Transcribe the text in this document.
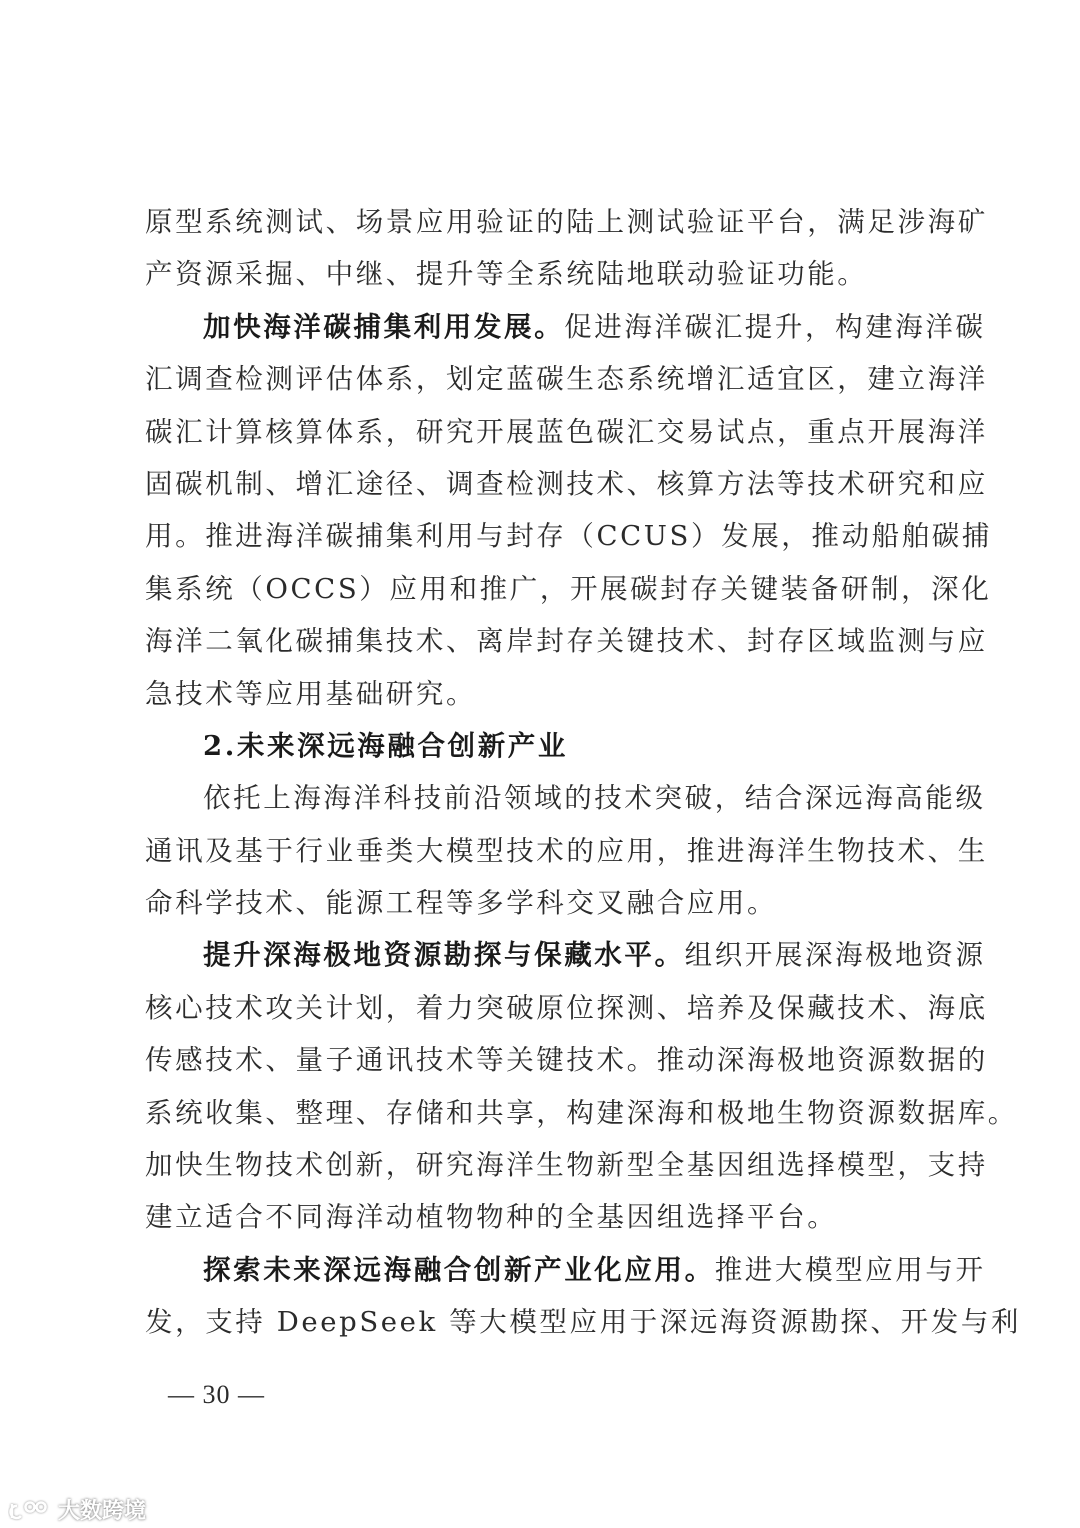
原型系统测试、场景应用验证的陆上测试验证平台，满足涉海矿
产资源采掘、中继、提升等全系统陆地联动验证功能。
加快海洋碳捕集利用发展。促进海洋碳汇提升，构建海洋碳
汇调查检测评估体系，划定蓝碳生态系统增汇适宜区，建立海洋
碳汇计算核算体系，研究开展蓝色碳汇交易试点，重点开展海洋
固碳机制、增汇途径、调查检测技术、核算方法等技术研究和应
用。推进海洋碳捕集利用与封存（CCUS）发展，推动船舶碳捕
集系统（OCCS）应用和推广，开展碳封存关键装备研制，深化
海洋二氧化碳捕集技术、离岸封存关键技术、封存区域监测与应
急技术等应用基础研究。
2.未来深远海融合创新产业
依托上海海洋科技前沿领域的技术突破，结合深远海高能级
通讯及基于行业垂类大模型技术的应用，推进海洋生物技术、生
命科学技术、能源工程等多学科交叉融合应用。
提升深海极地资源勘探与保藏水平。组织开展深海极地资源
核心技术攻关计划，着力突破原位探测、培养及保藏技术、海底
传感技术、量子通讯技术等关键技术。推动深海极地资源数据的
系统收集、整理、存储和共享，构建深海和极地生物资源数据库。
加快生物技术创新，研究海洋生物新型全基因组选择模型，支持
建立适合不同海洋动植物物种的全基因组选择平台。
探索未来深远海融合创新产业化应用。推进大模型应用与开
发，支持 DeepSeek 等大模型应用于深远海资源勘探、开发与利
— 30 —
大数跨境
